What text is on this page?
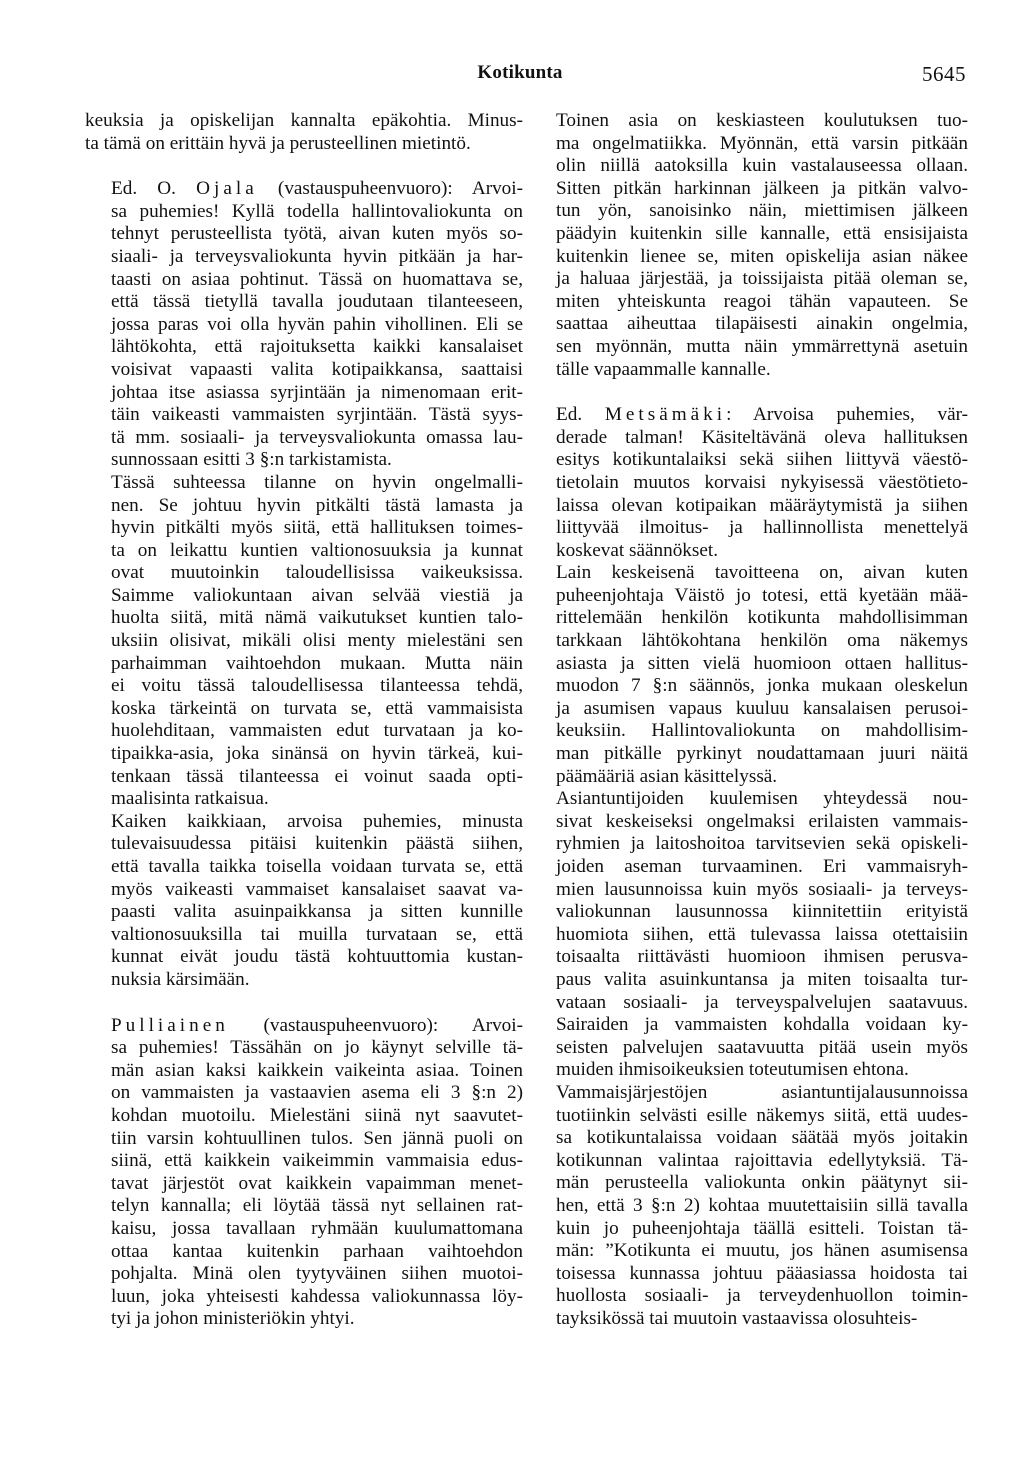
Kotikunta	5645

keuksia ja opiskelijan kannalta epäkohtia. Minus-
ta tämä on erittäin hyvä ja perusteellinen mietintö.

Ed. O. Ojala (vastauspuheenvuoro): Arvoi-
sa puhemies! Kyllä todella hallintovaliokunta on
tehnyt perusteellista työtä, aivan kuten myös so-
siaali- ja terveysvaliokunta hyvin pitkään ja har-
taasti on asiaa pohtinut. Tässä on huomattava se,
että tässä tietyllä tavalla joudutaan tilanteeseen,
jossa paras voi olla hyvän pahin vihollinen. Eli se
lähtökohta, että rajoituksetta kaikki kansalaiset
voisivat vapaasti valita kotipaikkansa, saattaisi
johtaa itse asiassa syrjintään ja nimenomaan erit-
täin vaikeasti vammaisten syrjintään. Tästä syys-
tä mm. sosiaali- ja terveysvaliokunta omassa lau-
sunnossaan esitti 3 §:n tarkistamista.

Tässä suhteessa tilanne on hyvin ongelmalli-
nen. Se johtuu hyvin pitkälti tästä lamasta ja
hyvin pitkälti myös siitä, että hallituksen toimes-
ta on leikattu kuntien valtionosuuksia ja kunnat
ovat muutoinkin taloudellisissa vaikeuksissa.
Saimme valiokuntaan aivan selvää viestiä ja
huolta siitä, mitä nämä vaikutukset kuntien talo-
uksiin olisivat, mikäli olisi menty mielestäni sen
parhaimman vaihtoehdon mukaan. Mutta näin
ei voitu tässä taloudellisessa tilanteessa tehdä,
koska tärkeintä on turvata se, että vammaisista
huolehditaan, vammaisten edut turvataan ja ko-
tipaikka-asia, joka sinänsä on hyvin tärkeä, kui-
tenkaan tässä tilanteessa ei voinut saada opti-
maalisinta ratkaisua.

Kaiken kaikkiaan, arvoisa puhemies, minusta
tulevaisuudessa pitäisi kuitenkin päästä siihen,
että tavalla taikka toisella voidaan turvata se, että
myös vaikeasti vammaiset kansalaiset saavat va-
paasti valita asuinpaikkansa ja sitten kunnille
valtionosuuksilla tai muilla turvataan se, että
kunnat eivät joudu tästä kohtuuttomia kustan-
nuksia kärsimään.

Pulliainen (vastauspuheenvuoro): Arvoi-
sa puhemies! Tässähän on jo käynyt selville tä-
män asian kaksi kaikkein vaikeinta asiaa. Toinen
on vammaisten ja vastaavien asema eli 3 §:n 2)
kohdan muotoilu. Mielestäni siinä nyt saavutet-
tiin varsin kohtuullinen tulos. Sen jännä puoli on
siinä, että kaikkein vaikeimmin vammaisia edus-
tavat järjestöt ovat kaikkein vapaimman menet-
telyn kannalla; eli löytää tässä nyt sellainen rat-
kaisu, jossa tavallaan ryhmään kuulumattomana
ottaa kantaa kuitenkin parhaan vaihtoehdon
pohjalta. Minä olen tyytyväinen siihen muotoi-
luun, joka yhteisesti kahdessa valiokunnassa löy-
tyi ja johon ministeriökin yhtyi.

Toinen asia on keskiasteen koulutuksen tuo-
ma ongelmatiikka. Myönnän, että varsin pitkään
olin niillä aatoksilla kuin vastalauseessa ollaan.
Sitten pitkän harkinnan jälkeen ja pitkän valvo-
tun yön, sanoisinko näin, miettimisen jälkeen
päädyin kuitenkin sille kannalle, että ensisijaista
kuitenkin lienee se, miten opiskelija asian näkee
ja haluaa järjestää, ja toissijaista pitää oleman se,
miten yhteiskunta reagoi tähän vapauteen. Se
saattaa aiheuttaa tilapäisesti ainakin ongelmia,
sen myönnän, mutta näin ymmärrettynä asetuin
tälle vapaammalle kannalle.

Ed. Metsämäki: Arvoisa puhemies, vär-
derade talman! Käsiteltävänä oleva hallituksen
esitys kotikuntalaiksi sekä siihen liittyvä väestö-
tietolain muutos korvaisi nykyisessä väestötieto-
laissa olevan kotipaikan määräytymistä ja siihen
liittyvää ilmoitus- ja hallinnollista menettelyä
koskevat säännökset.

Lain keskeisenä tavoitteena on, aivan kuten
puheenjohtaja Väistö jo totesi, että kyetään mää-
rittelemään henkilön kotikunta mahdollisimman
tarkkaan lähtökohtana henkilön oma näkemys
asiasta ja sitten vielä huomioon ottaen hallitus-
muodon 7 §:n säännös, jonka mukaan oleskelun
ja asumisen vapaus kuuluu kansalaisen perusoi-
keuksiin. Hallintovaliokunta on mahdollisim-
man pitkälle pyrkinyt noudattamaan juuri näitä
päämääriä asian käsittelyssä.

Asiantuntijoiden kuulemisen yhteydessä nou-
sivat keskeiseksi ongelmaksi erilaisten vammais-
ryhmien ja laitoshoitoa tarvitsevien sekä opiskeli-
joiden aseman turvaaminen. Eri vammaisryh-
mien lausunnoissa kuin myös sosiaali- ja terveys-
valiokunnan lausunnossa kiinnitettiin erityistä
huomiota siihen, että tulevassa laissa otettaisiin
toisaalta riittävästi huomioon ihmisen perusva-
paus valita asuinkuntansa ja miten toisaalta tur-
vataan sosiaali- ja terveyspalvelujen saatavuus.
Sairaiden ja vammaisten kohdalla voidaan ky-
seisten palvelujen saatavuutta pitää usein myös
muiden ihmisoikeuksien toteutumisen ehtona.

Vammaisjärjestöjen asiantuntijalausunnoissa
tuotiinkin selvästi esille näkemys siitä, että uudes-
sa kotikuntalaissa voidaan säätää myös joitakin
kotikunnan valintaa rajoittavia edellytyksiä. Tä-
män perusteella valiokunta onkin päätynyt sii-
hen, että 3 §:n 2) kohtaa muutettaisiin sillä tavalla
kuin jo puheenjohtaja täällä esitteli. Toistan tä-
män: ”Kotikunta ei muutu, jos hänen asumisensa
toisessa kunnassa johtuu pääasiassa hoidosta tai
huollosta sosiaali- ja terveydenhuollon toimin-
tayksikössä tai muutoin vastaavissa olosuhteis-
